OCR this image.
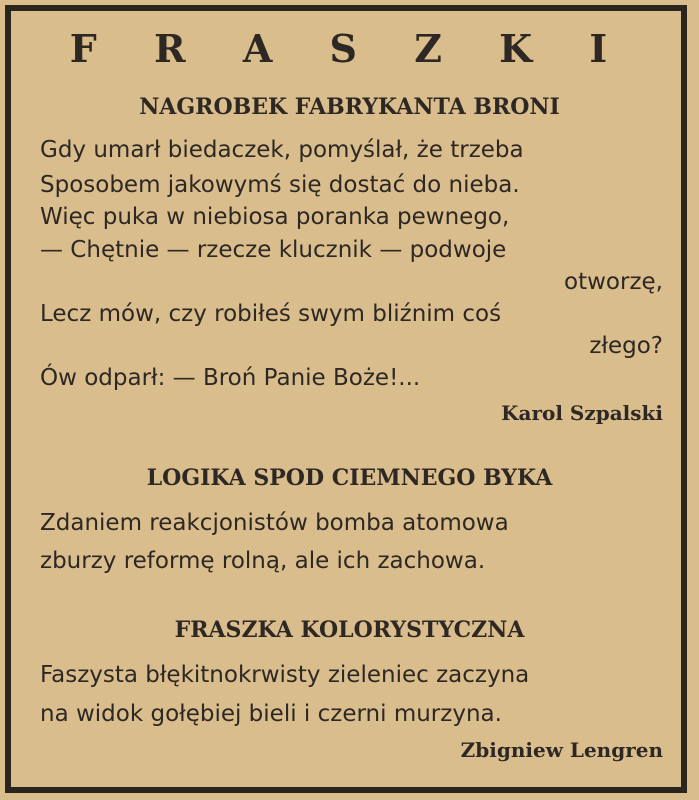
F R A S Z K I
NAGROBEK FABRYKANTA BRONI
Gdy umarł biedaczek, pomyślał, że trzeba
Sposobem jakowymś się dostać do nieba.
Więc puka w niebiosa poranka pewnego,
— Chętnie — rzecze klucznik — podwoje
otworzę,
Lecz mów, czy robiłeś swym bliźnim coś
złego?
Ów odparł: — Broń Panie Boże!...
Karol Szpalski
LOGIKA SPOD CIEMNEGO BYKA
Zdaniem reakcjonistów bomba atomowa
zburzy reformę rolną, ale ich zachowa.
FRASZKA KOLORYSTYCZNA
Faszysta błękitnokrwisty zieleniec zaczyna
na widok gołębiej bieli i czerni murzyna.
Zbigniew Lengren
